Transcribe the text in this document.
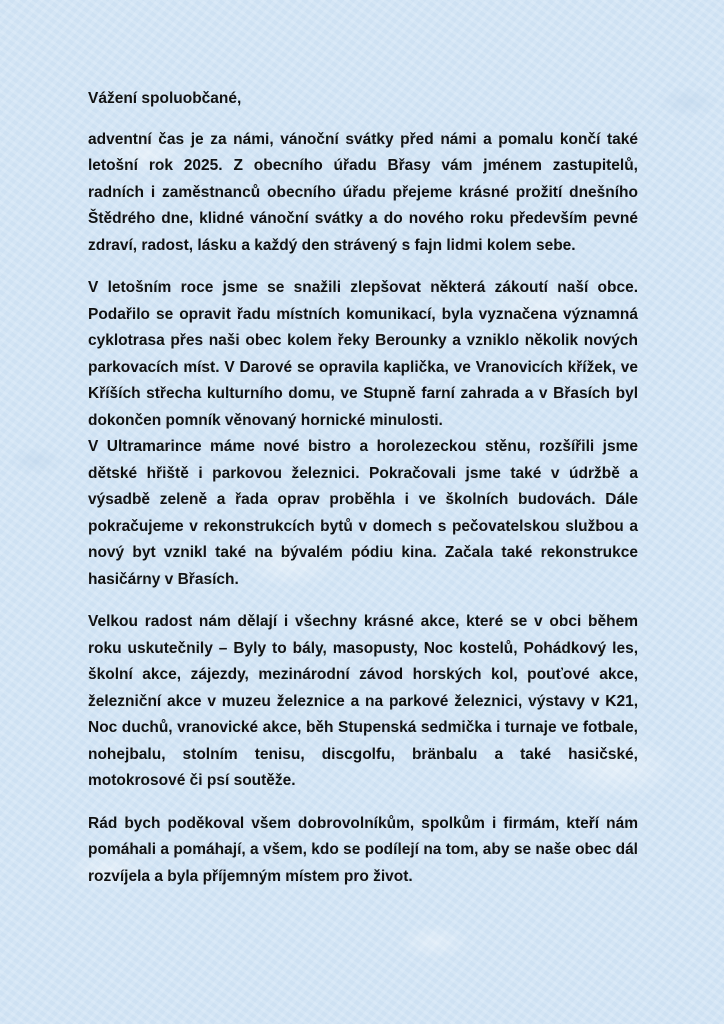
Vážení spoluobčané,

adventní čas je za námi, vánoční svátky před námi a pomalu končí také letošní rok 2025. Z obecního úřadu Břasy vám jménem zastupitelů, radních i zaměstnanců obecního úřadu přejeme krásné prožití dnešního Štědrého dne, klidné vánoční svátky a do nového roku především pevné zdraví, radost, lásku a každý den strávený s fajn lidmi kolem sebe.

V letošním roce jsme se snažili zlepšovat některá zákoutí naší obce. Podařilo se opravit řadu místních komunikací, byla vyznačena významná cyklotrasa přes naši obec kolem řeky Berounky a vzniklo několik nových parkovacích míst. V Darové se opravila kaplička, ve Vranovicích křížek, ve Kříších střecha kulturního domu, ve Stupně farní zahrada a v Břasích byl dokončen pomník věnovaný hornické minulosti.

V Ultramarince máme nové bistro a horolezeckou stěnu, rozšířili jsme dětské hřiště i parkovou železnici. Pokračovali jsme také v údržbě a výsadbě zeleně a řada oprav proběhla i ve školních budovách. Dále pokračujeme v rekonstrukcích bytů v domech s pečovatelskou službou a nový byt vznikl také na bývalém pódiu kina. Začala také rekonstrukce hasičárny v Břasích.

Velkou radost nám dělají i všechny krásné akce, které se v obci během roku uskutečnily – Byly to bály, masopusty, Noc kostelů, Pohádkový les, školní akce, zájezdy, mezinárodní závod horských kol, pouťové akce, železniční akce v muzeu železnice a na parkové železnici, výstavy v K21, Noc duchů, vranovické akce, běh Stupenská sedmička i turnaje ve fotbale, nohejbalu, stolním tenisu, discgolfu, bränbalu a také hasičské, motokrosové či psí soutěže.

Rád bych poděkoval všem dobrovolníkům, spolkům i firmám, kteří nám pomáhali a pomáhají, a všem, kdo se podílejí na tom, aby se naše obec dál rozvíjela a byla příjemným místem pro život.
